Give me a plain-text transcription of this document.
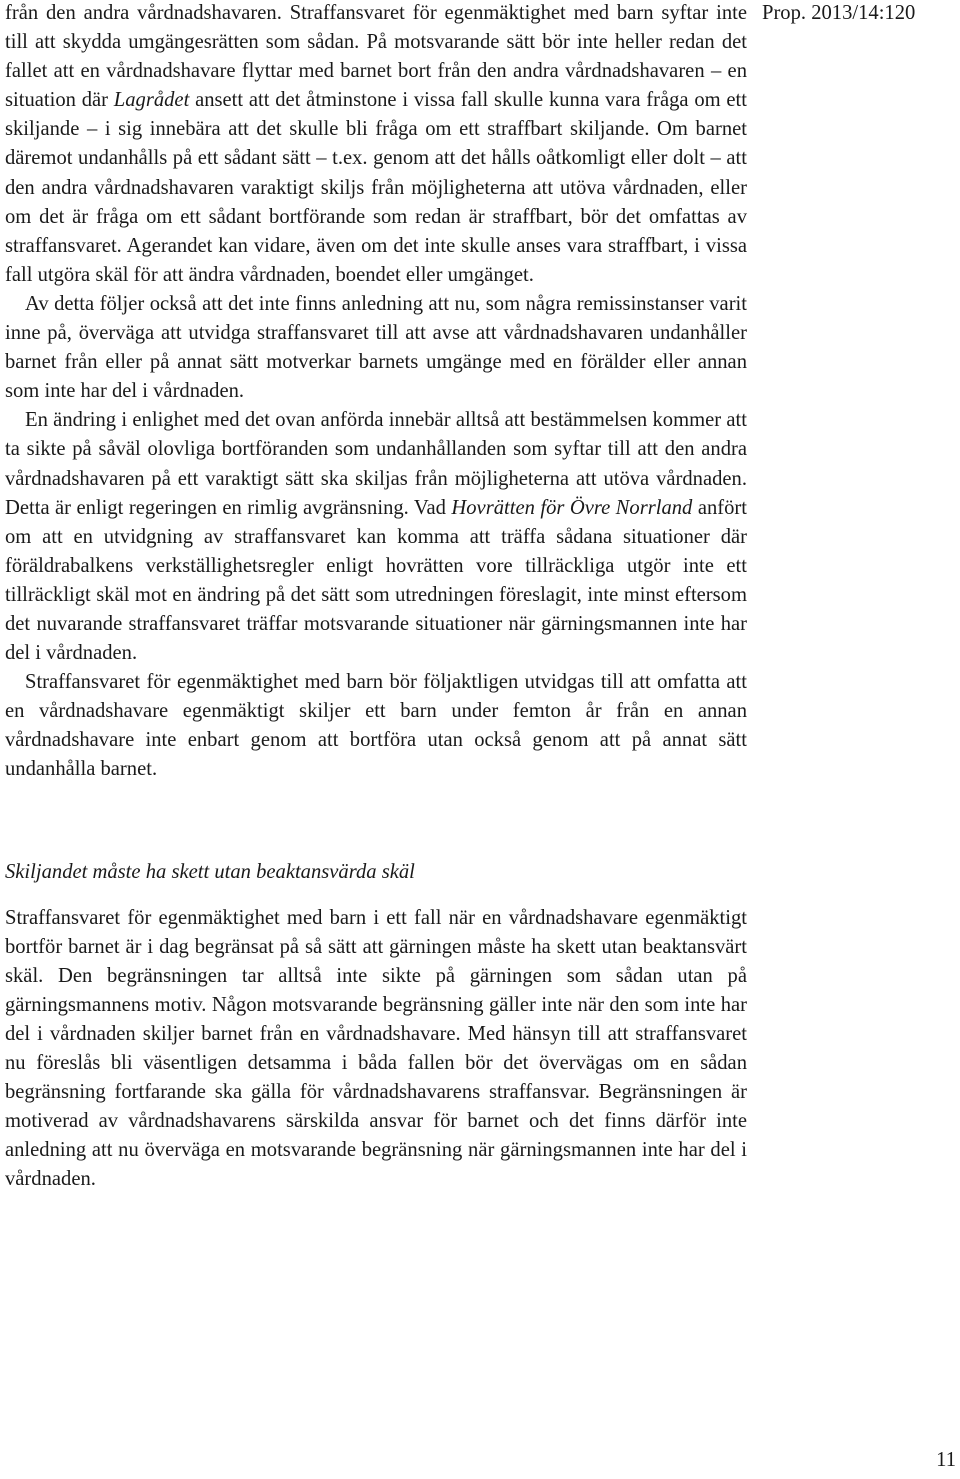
Prop. 2013/14:120

från den andra vårdnadshavaren. Straffansvaret för egenmäktighet med barn syftar inte till att skydda umgängesrätten som sådan. På motsvarande sätt bör inte heller redan det fallet att en vårdnadshavare flyttar med barnet bort från den andra vårdnadshavaren – en situation där Lagrådet ansett att det åtminstone i vissa fall skulle kunna vara fråga om ett skiljande – i sig innebära att det skulle bli fråga om ett straffbart skiljande. Om barnet däremot undanhålls på ett sådant sätt – t.ex. genom att det hålls oåtkomligt eller dolt – att den andra vårdnadshavaren varaktigt skiljs från möjligheterna att utöva vårdnaden, eller om det är fråga om ett sådant bortförande som redan är straffbart, bör det omfattas av straffansvaret. Agerandet kan vidare, även om det inte skulle anses vara straffbart, i vissa fall utgöra skäl för att ändra vårdnaden, boendet eller umgänget.

Av detta följer också att det inte finns anledning att nu, som några remissinstanser varit inne på, överväga att utvidga straffansvaret till att avse att vårdnadshavaren undanhåller barnet från eller på annat sätt motverkar barnets umgänge med en förälder eller annan som inte har del i vårdnaden.

En ändring i enlighet med det ovan anförda innebär alltså att bestämmelsen kommer att ta sikte på såväl olovliga bortföranden som undanhållanden som syftar till att den andra vårdnadshavaren på ett varaktigt sätt ska skiljas från möjligheterna att utöva vårdnaden. Detta är enligt regeringen en rimlig avgränsning. Vad Hovrätten för Övre Norrland anfört om att en utvidgning av straffansvaret kan komma att träffa sådana situationer där föräldrabalkens verkställighetsregler enligt hovrätten vore tillräckliga utgör inte ett tillräckligt skäl mot en ändring på det sätt som utredningen föreslagit, inte minst eftersom det nuvarande straffansvaret träffar motsvarande situationer när gärningsmannen inte har del i vårdnaden.

Straffansvaret för egenmäktighet med barn bör följaktligen utvidgas till att omfatta att en vårdnadshavare egenmäktigt skiljer ett barn under femton år från en annan vårdnadshavare inte enbart genom att bortföra utan också genom att på annat sätt undanhålla barnet.

Skiljandet måste ha skett utan beaktansvärda skäl

Straffansvaret för egenmäktighet med barn i ett fall när en vårdnadshavare egenmäktigt bortför barnet är i dag begränsat på så sätt att gärningen måste ha skett utan beaktansvärt skäl. Den begränsningen tar alltså inte sikte på gärningen som sådan utan på gärningsmannens motiv. Någon motsvarande begränsning gäller inte när den som inte har del i vårdnaden skiljer barnet från en vårdnadshavare. Med hänsyn till att straffansvaret nu föreslås bli väsentligen detsamma i båda fallen bör det övervägas om en sådan begränsning fortfarande ska gälla för vårdnadshavarens straffansvar. Begränsningen är motiverad av vårdnadshavarens särskilda ansvar för barnet och det finns därför inte anledning att nu överväga en motsvarande begränsning när gärningsmannen inte har del i vårdnaden.

11
